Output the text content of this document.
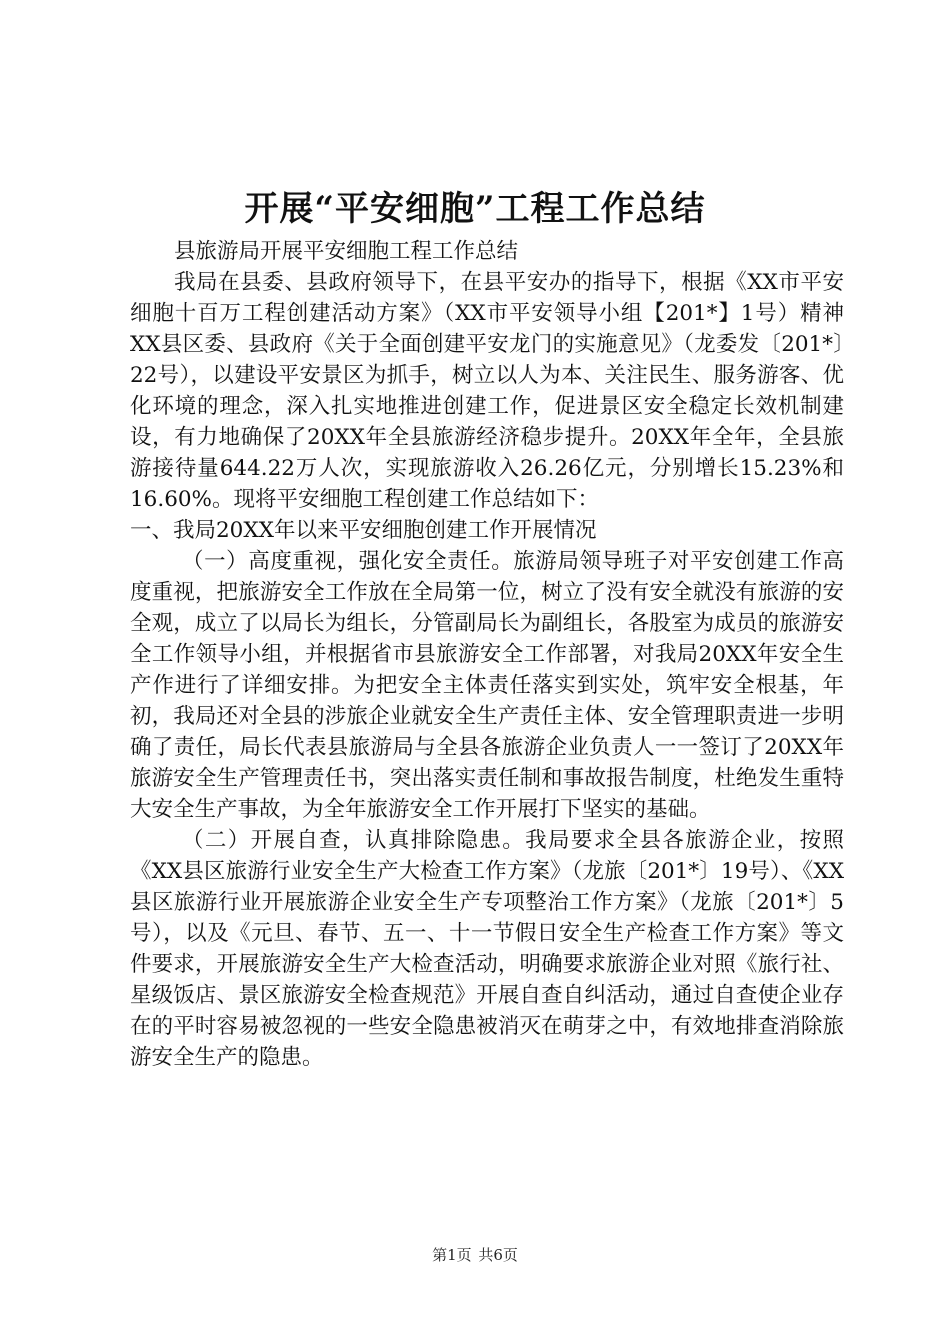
开展“平安细胞”工程工作总结

县旅游局开展平安细胞工程工作总结

我局在县委、县政府领导下，在县平安办的指导下，根据《XX市平安细胞十百万工程创建活动方案》（XX市平安领导小组【201*】1号）精神XX县区委、县政府《关于全面创建平安龙门的实施意见》（龙委发〔201*〕22号），以建设平安景区为抓手，树立以人为本、关注民生、服务游客、优化环境的理念，深入扎实地推进创建工作，促进景区安全稳定长效机制建设，有力地确保了20XX年全县旅游经济稳步提升。20XX年全年，全县旅游接待量644.22万人次，实现旅游收入26.26亿元，分别增长15.23%和16.60%。现将平安细胞工程创建工作总结如下：

一、我局20XX年以来平安细胞创建工作开展情况

（一）高度重视，强化安全责任。旅游局领导班子对平安创建工作高度重视，把旅游安全工作放在全局第一位，树立了没有安全就没有旅游的安全观，成立了以局长为组长，分管副局长为副组长，各股室为成员的旅游安全工作领导小组，并根据省市县旅游安全工作部署，对我局20XX年安全生产作进行了详细安排。为把安全主体责任落实到实处，筑牢安全根基，年初，我局还对全县的涉旅企业就安全生产责任主体、安全管理职责进一步明确了责任，局长代表县旅游局与全县各旅游企业负责人一一签订了20XX年旅游安全生产管理责任书，突出落实责任制和事故报告制度，杜绝发生重特大安全生产事故，为全年旅游安全工作开展打下坚实的基础。

（二）开展自查，认真排除隐患。我局要求全县各旅游企业，按照《XX县区旅游行业安全生产大检查工作方案》（龙旅〔201*〕19号）、《XX县区旅游行业开展旅游企业安全生产专项整治工作方案》（龙旅〔201*〕5号），以及《元旦、春节、五一、十一节假日安全生产检查工作方案》等文件要求，开展旅游安全生产大检查活动，明确要求旅游企业对照《旅行社、星级饭店、景区旅游安全检查规范》开展自查自纠活动，通过自查使企业存在的平时容易被忽视的一些安全隐患被消灭在萌芽之中，有效地排查消除旅游安全生产的隐患。

第1页 共6页
